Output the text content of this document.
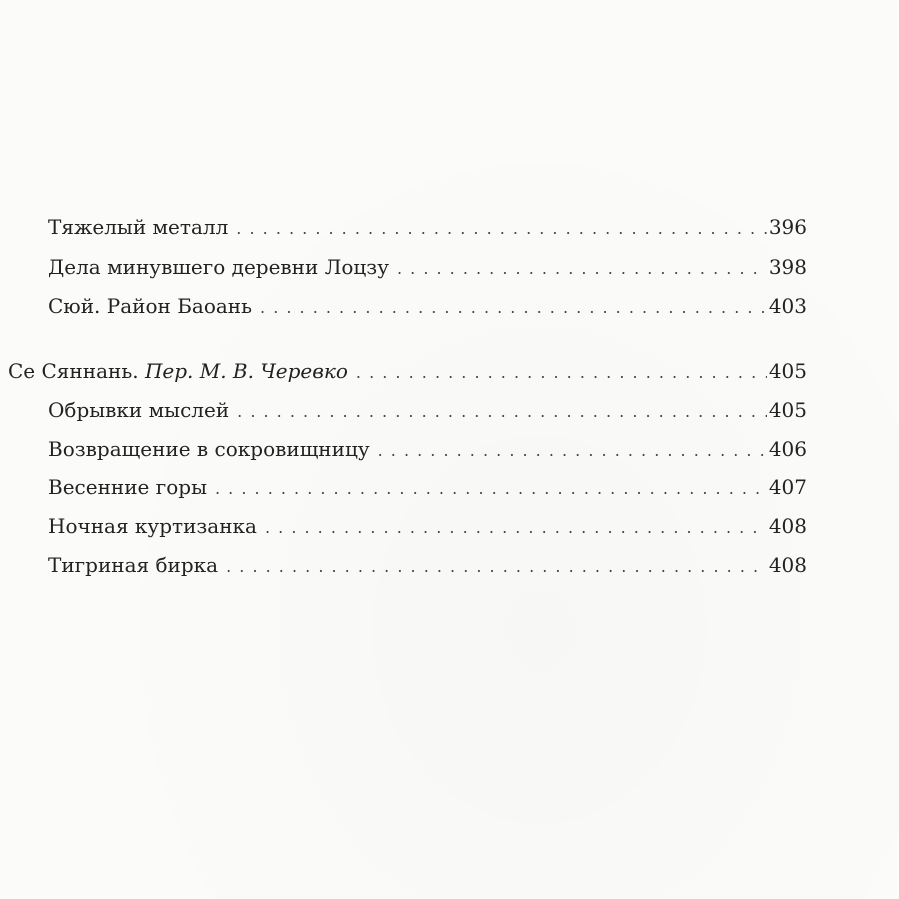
Тяжелый металл . . .	396
Дела минувшего деревни Лоцзу . . .	398
Сюй. Район Баоань . . .	403
Се Сяннань. Пер. М. В. Черевко . . .	405
Обрывки мыслей . . .	405
Возвращение в сокровищницу . . .	406
Весенние горы . . .	407
Ночная куртизанка . . .	408
Тигриная бирка . . .	408
